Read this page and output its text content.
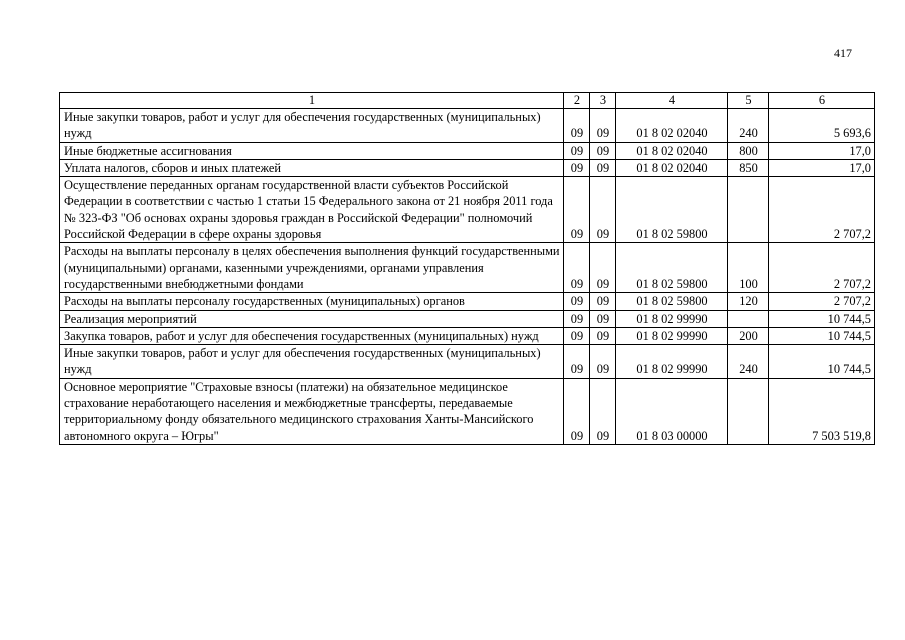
417
1	2	3	4	5	6
Иные закупки товаров, работ и услуг для обеспечения государственных (муниципальных) нужд	09	09	01 8 02 02040	240	5 693,6
Иные бюджетные ассигнования	09	09	01 8 02 02040	800	17,0
Уплата налогов, сборов и иных платежей	09	09	01 8 02 02040	850	17,0
Осуществление переданных органам государственной власти субъектов Российской Федерации в соответствии с частью 1 статьи 15 Федерального закона от 21 ноября 2011 года № 323-ФЗ "Об основах охраны здоровья граждан в Российской Федерации" полномочий Российской Федерации в сфере охраны здоровья	09	09	01 8 02 59800		2 707,2
Расходы на выплаты персоналу в целях обеспечения выполнения функций государственными (муниципальными) органами, казенными учреждениями, органами управления государственными внебюджетными фондами	09	09	01 8 02 59800	100	2 707,2
Расходы на выплаты персоналу государственных (муниципальных) органов	09	09	01 8 02 59800	120	2 707,2
Реализация мероприятий	09	09	01 8 02 99990		10 744,5
Закупка товаров, работ и услуг для обеспечения государственных (муниципальных) нужд	09	09	01 8 02 99990	200	10 744,5
Иные закупки товаров, работ и услуг для обеспечения государственных (муниципальных) нужд	09	09	01 8 02 99990	240	10 744,5
Основное мероприятие "Страховые взносы (платежи) на обязательное медицинское страхование неработающего населения и межбюджетные трансферты, передаваемые территориальному фонду обязательного медицинского страхования Ханты-Мансийского автономного округа – Югры"	09	09	01 8 03 00000		7 503 519,8
